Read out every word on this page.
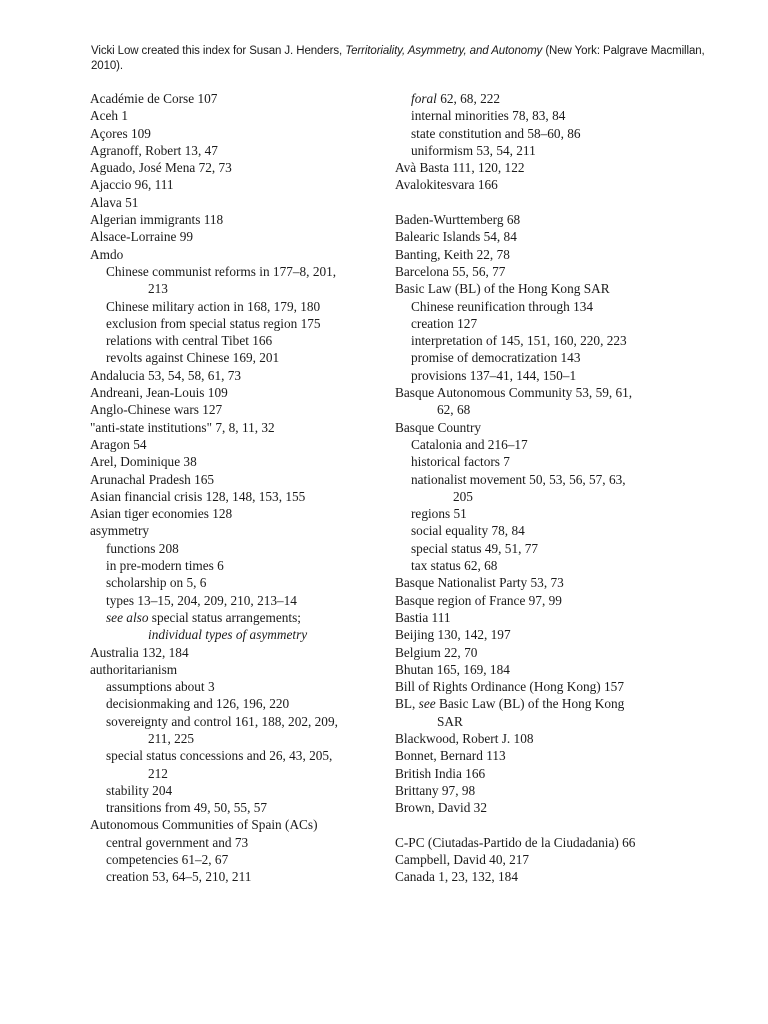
Vicki Low created this index for Susan J. Henders, Territoriality, Asymmetry, and Autonomy (New York: Palgrave Macmillan, 2010).
Académie de Corse 107
Aceh 1
Açores 109
Agranoff, Robert 13, 47
Aguado, José Mena 72, 73
Ajaccio 96, 111
Alava 51
Algerian immigrants 118
Alsace-Lorraine 99
Amdo
Chinese communist reforms in 177–8, 201,
213
Chinese military action in 168, 179, 180
exclusion from special status region 175
relations with central Tibet 166
revolts against Chinese 169, 201
Andalucia 53, 54, 58, 61, 73
Andreani, Jean-Louis 109
Anglo-Chinese wars 127
"anti-state institutions" 7, 8, 11, 32
Aragon 54
Arel, Dominique 38
Arunachal Pradesh 165
Asian financial crisis 128, 148, 153, 155
Asian tiger economies 128
asymmetry
functions 208
in pre-modern times 6
scholarship on 5, 6
types 13–15, 204, 209, 210, 213–14
see also special status arrangements;
individual types of asymmetry
Australia 132, 184
authoritarianism
assumptions about 3
decisionmaking and 126, 196, 220
sovereignty and control 161, 188, 202, 209,
211, 225
special status concessions and 26, 43, 205,
212
stability 204
transitions from 49, 50, 55, 57
Autonomous Communities of Spain (ACs)
central government and 73
competencies 61–2, 67
creation 53, 64–5, 210, 211
foral 62, 68, 222
internal minorities 78, 83, 84
state constitution and 58–60, 86
uniformism 53, 54, 211
Avà Basta 111, 120, 122
Avalokitesvara 166
Baden-Wurttemberg 68
Balearic Islands 54, 84
Banting, Keith 22, 78
Barcelona 55, 56, 77
Basic Law (BL) of the Hong Kong SAR
Chinese reunification through 134
creation 127
interpretation of 145, 151, 160, 220, 223
promise of democratization 143
provisions 137–41, 144, 150–1
Basque Autonomous Community 53, 59, 61,
62, 68
Basque Country
Catalonia and 216–17
historical factors 7
nationalist movement 50, 53, 56, 57, 63,
205
regions 51
social equality 78, 84
special status 49, 51, 77
tax status 62, 68
Basque Nationalist Party 53, 73
Basque region of France 97, 99
Bastia 111
Beijing 130, 142, 197
Belgium 22, 70
Bhutan 165, 169, 184
Bill of Rights Ordinance (Hong Kong) 157
BL, see Basic Law (BL) of the Hong Kong
SAR
Blackwood, Robert J. 108
Bonnet, Bernard 113
British India 166
Brittany 97, 98
Brown, David 32
C-PC (Ciutadas-Partido de la Ciudadania) 66
Campbell, David 40, 217
Canada 1, 23, 132, 184
